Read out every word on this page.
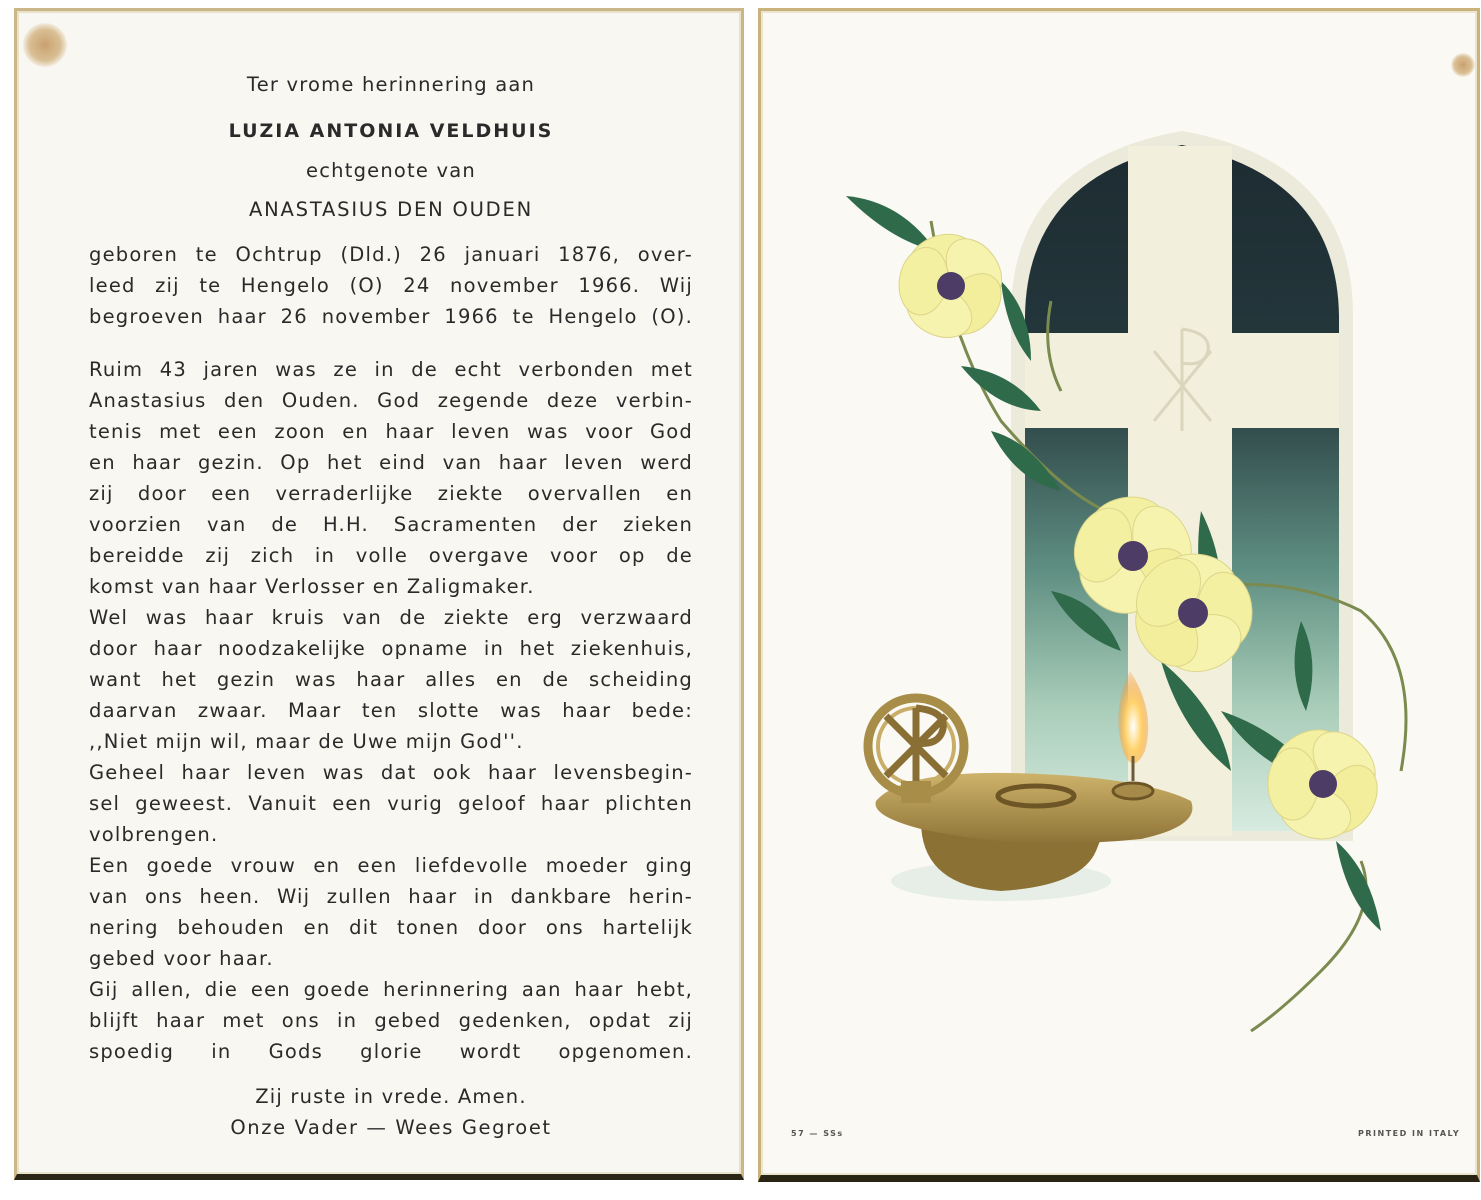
Ter vrome herinnering aan
LUZIA ANTONIA VELDHUIS
echtgenote van
ANASTASIUS DEN OUDEN
geboren te Ochtrup (Dld.) 26 januari 1876, over-
leed zij te Hengelo (O) 24 november 1966. Wij
begroeven haar 26 november 1966 te Hengelo (O).
Ruim 43 jaren was ze in de echt verbonden met
Anastasius den Ouden. God zegende deze verbin-
tenis met een zoon en haar leven was voor God
en haar gezin. Op het eind van haar leven werd
zij door een verraderlijke ziekte overvallen en
voorzien van de H.H. Sacramenten der zieken
bereidde zij zich in volle overgave voor op de
komst van haar Verlosser en Zaligmaker.
Wel was haar kruis van de ziekte erg verzwaard
door haar noodzakelijke opname in het ziekenhuis,
want het gezin was haar alles en de scheiding
daarvan zwaar. Maar ten slotte was haar bede:
,,Niet mijn wil, maar de Uwe mijn God''.
Geheel haar leven was dat ook haar levensbegin-
sel geweest. Vanuit een vurig geloof haar plichten
volbrengen.
Een goede vrouw en een liefdevolle moeder ging
van ons heen. Wij zullen haar in dankbare herin-
nering behouden en dit tonen door ons hartelijk
gebed voor haar.
Gij allen, die een goede herinnering aan haar hebt,
blijft haar met ons in gebed gedenken, opdat zij
spoedig in Gods glorie wordt opgenomen.
Zij ruste in vrede. Amen.
Onze Vader — Wees Gegroet	57 — SSs	PRINTED IN ITALY
